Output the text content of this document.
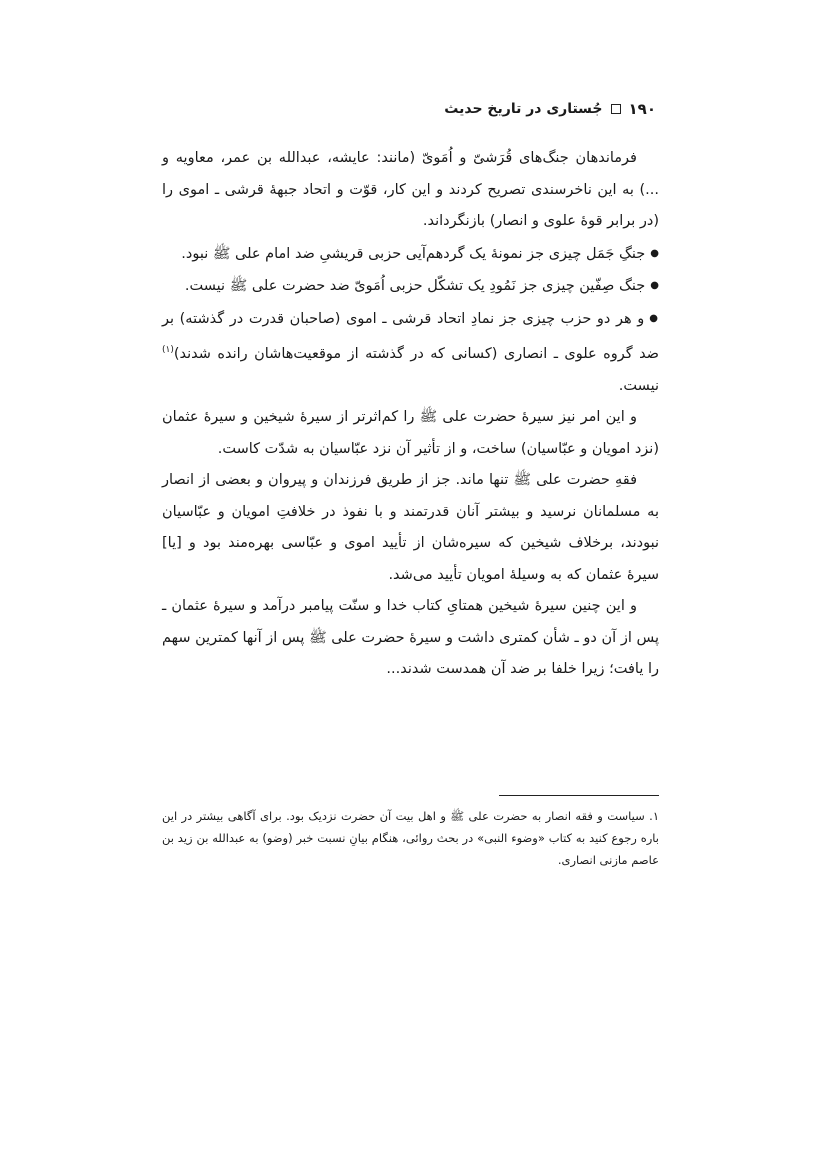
۱۹۰
جُستاری در تاریخ حدیث

فرماندهان جنگ‌های قُرَشیّ و اُمَویّ (مانند: عایشه، عبدالله بن عمر، معاویه و ...) به این ناخرسندی تصریح کردند و این کار، قوّت و اتحاد جبههٔ قرشی ـ اموی را (در برابر قوهٔ علوی و انصار) بازنگرداند.

● جنگِ جَمَل چیزی جز نمونهٔ یک گردهم‌آیی حزبی قریشیِ ضد امام علی ﷺ نبود.

● جنگ صِفّین چیزی جز نَمُودِ یک تشکّل حزبی اُمَویّ ضد حضرت علی ﷺ نیست.

● و هر دو حزب چیزی جز نمادِ اتحاد قرشی ـ اموی (صاحبان قدرت در گذشته) بر ضد گروه علوی ـ انصاری (کسانی که در گذشته از موقعیت‌هاشان رانده شدند)$^{(۱)}$ نیست.

و این امر نیز سیرهٔ حضرت علی ﷺ را کم‌اثرتر از سیرهٔ شیخین و سیرهٔ عثمان (نزد امویان و عبّاسیان) ساخت، و از تأثیر آن نزد عبّاسیان به شدّت کاست.

فقهِ حضرت علی ﷺ تنها ماند. جز از طریق فرزندان و پیروان و بعضی از انصار به مسلمانان نرسید و بیشتر آنان قدرتمند و با نفوذ در خلافتِ امویان و عبّاسیان نبودند، برخلاف شیخین که سیره‌شان از تأیید اموی و عبّاسی بهره‌مند بود و [یا] سیرهٔ عثمان که به وسیلهٔ امویان تأیید می‌شد.

و این چنین سیرهٔ شیخین همتایِ کتاب خدا و سنّت پیامبر درآمد و سیرهٔ عثمان ـ پس از آن دو ـ شأن کمتری داشت و سیرهٔ حضرت علی ﷺ پس از آنها کمترین سهم را یافت؛ زیرا خلفا بر ضد آن همدست شدند...

۱. سیاست و فقه انصار به حضرت علی ﷺ و اهل بیت آن حضرت نزدیک بود. برای آگاهی بیشتر در این باره رجوع کنید به کتاب «وضوء النبی» در بحث روائی، هنگام بیانِ نسبت خبر (وضو) به عبدالله بن زید بن عاصم مازنی انصاری.
